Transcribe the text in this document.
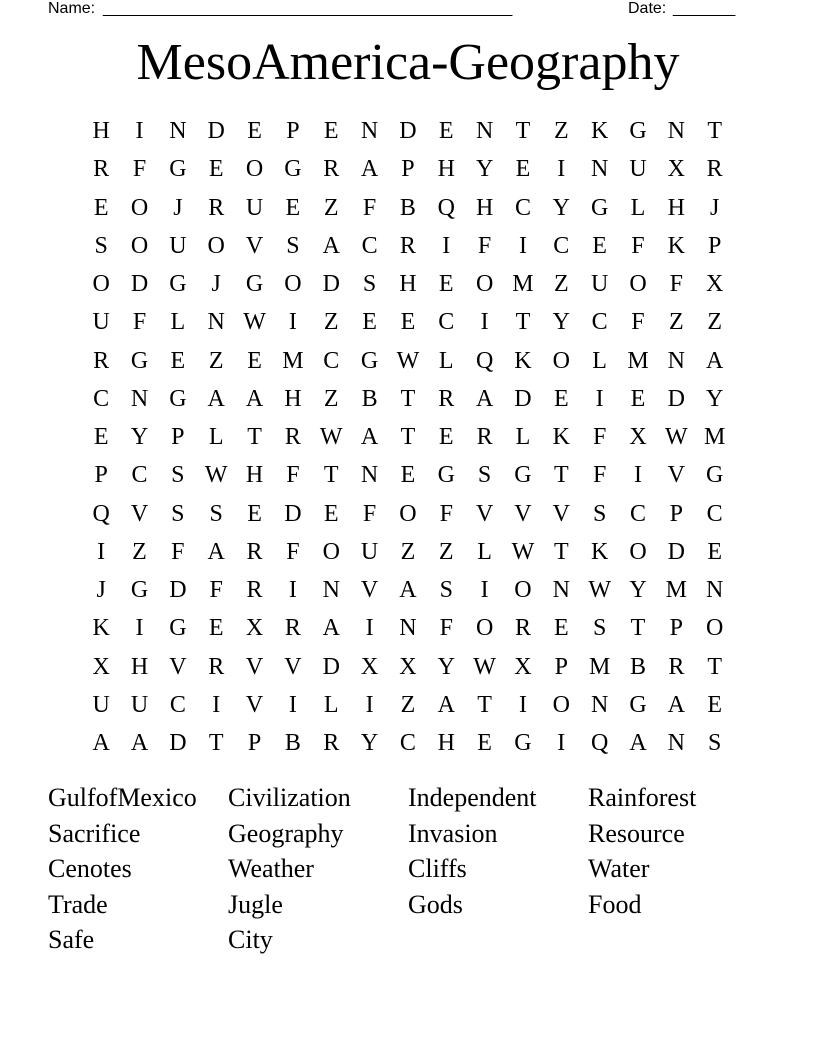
Name: ______________________________________________	Date: _______
MesoAmerica-Geography
H	I	N D E	P	E N D E N T Z K G N T
R F G E O G R A P H Y E	I	N U X R
E O	J	R U E Z	F B Q H C Y G L H	J
S O U O V S A C R	I	F	I	C E	F K P
O D G	J	G O D S H E O M Z U O F X
U F	L N W I	Z E E C	I	T Y C F	Z Z
R G E Z E M C G W L Q K O L M N A
C N G A A H Z B T R A D E	I	E D Y
E Y P	L T R W A T E R L K F X W M
P C S W H F	T N E G S G T	F	I	V G
Q V S	S	E D E	F O F V V V S C P C
I	Z	F A R F O U Z Z L W T K O D E
J	G D F R	I	N V A S	I	O N W Y M N
K	I	G E X R A	I	N F O R E	S	T	P O
X H V R V V D X X Y W X P M B R T
U U C	I	V	I	L	I	Z A T	I	O N G A E
A A D T	P B R Y C H E G	I	Q A N S
GulfofMexico	Civilization	Independent	Rainforest
Sacrifice	Geography	Invasion	Resource
Cenotes	Weather	Cliffs	Water
Trade	Jugle	Gods	Food
Safe	City
